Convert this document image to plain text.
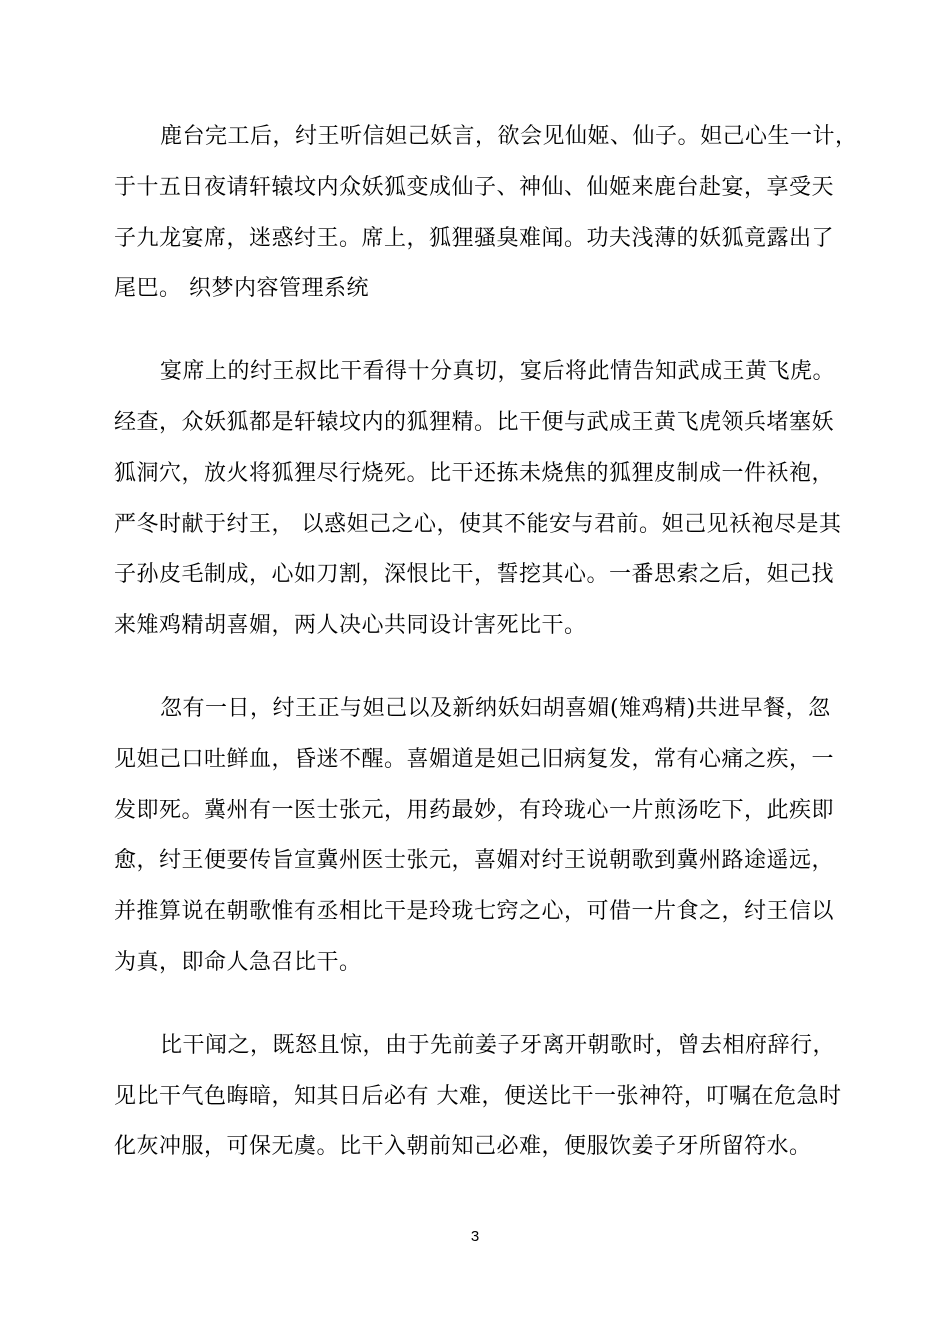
鹿台完工后，纣王听信妲己妖言，欲会见仙姬、仙子。妲己心生一计，
于十五日夜请轩辕坟内众妖狐变成仙子、神仙、仙姬来鹿台赴宴，享受天
子九龙宴席，迷惑纣王。席上，狐狸骚臭难闻。功夫浅薄的妖狐竟露出了
尾巴。 织梦内容管理系统

宴席上的纣王叔比干看得十分真切，宴后将此情告知武成王黄飞虎。
经查，众妖狐都是轩辕坟内的狐狸精。比干便与武成王黄飞虎领兵堵塞妖
狐洞穴，放火将狐狸尽行烧死。比干还拣未烧焦的狐狸皮制成一件袄袍，
严冬时献于纣王， 以惑妲己之心，使其不能安与君前。妲己见袄袍尽是其
子孙皮毛制成，心如刀割，深恨比干，誓挖其心。一番思索之后，妲己找
来雉鸡精胡喜媚，两人决心共同设计害死比干。

忽有一日，纣王正与妲己以及新纳妖妇胡喜媚(雉鸡精)共进早餐，忽
见妲己口吐鲜血，昏迷不醒。喜媚道是妲己旧病复发，常有心痛之疾，一
发即死。冀州有一医士张元，用药最妙，有玲珑心一片煎汤吃下，此疾即
愈，纣王便要传旨宣冀州医士张元，喜媚对纣王说朝歌到冀州路途遥远，
并推算说在朝歌惟有丞相比干是玲珑七窍之心，可借一片食之，纣王信以
为真，即命人急召比干。

比干闻之，既怒且惊，由于先前姜子牙离开朝歌时，曾去相府辞行，
见比干气色晦暗，知其日后必有 大难，便送比干一张神符，叮嘱在危急时
化灰冲服，可保无虞。比干入朝前知己必难，便服饮姜子牙所留符水。

3
